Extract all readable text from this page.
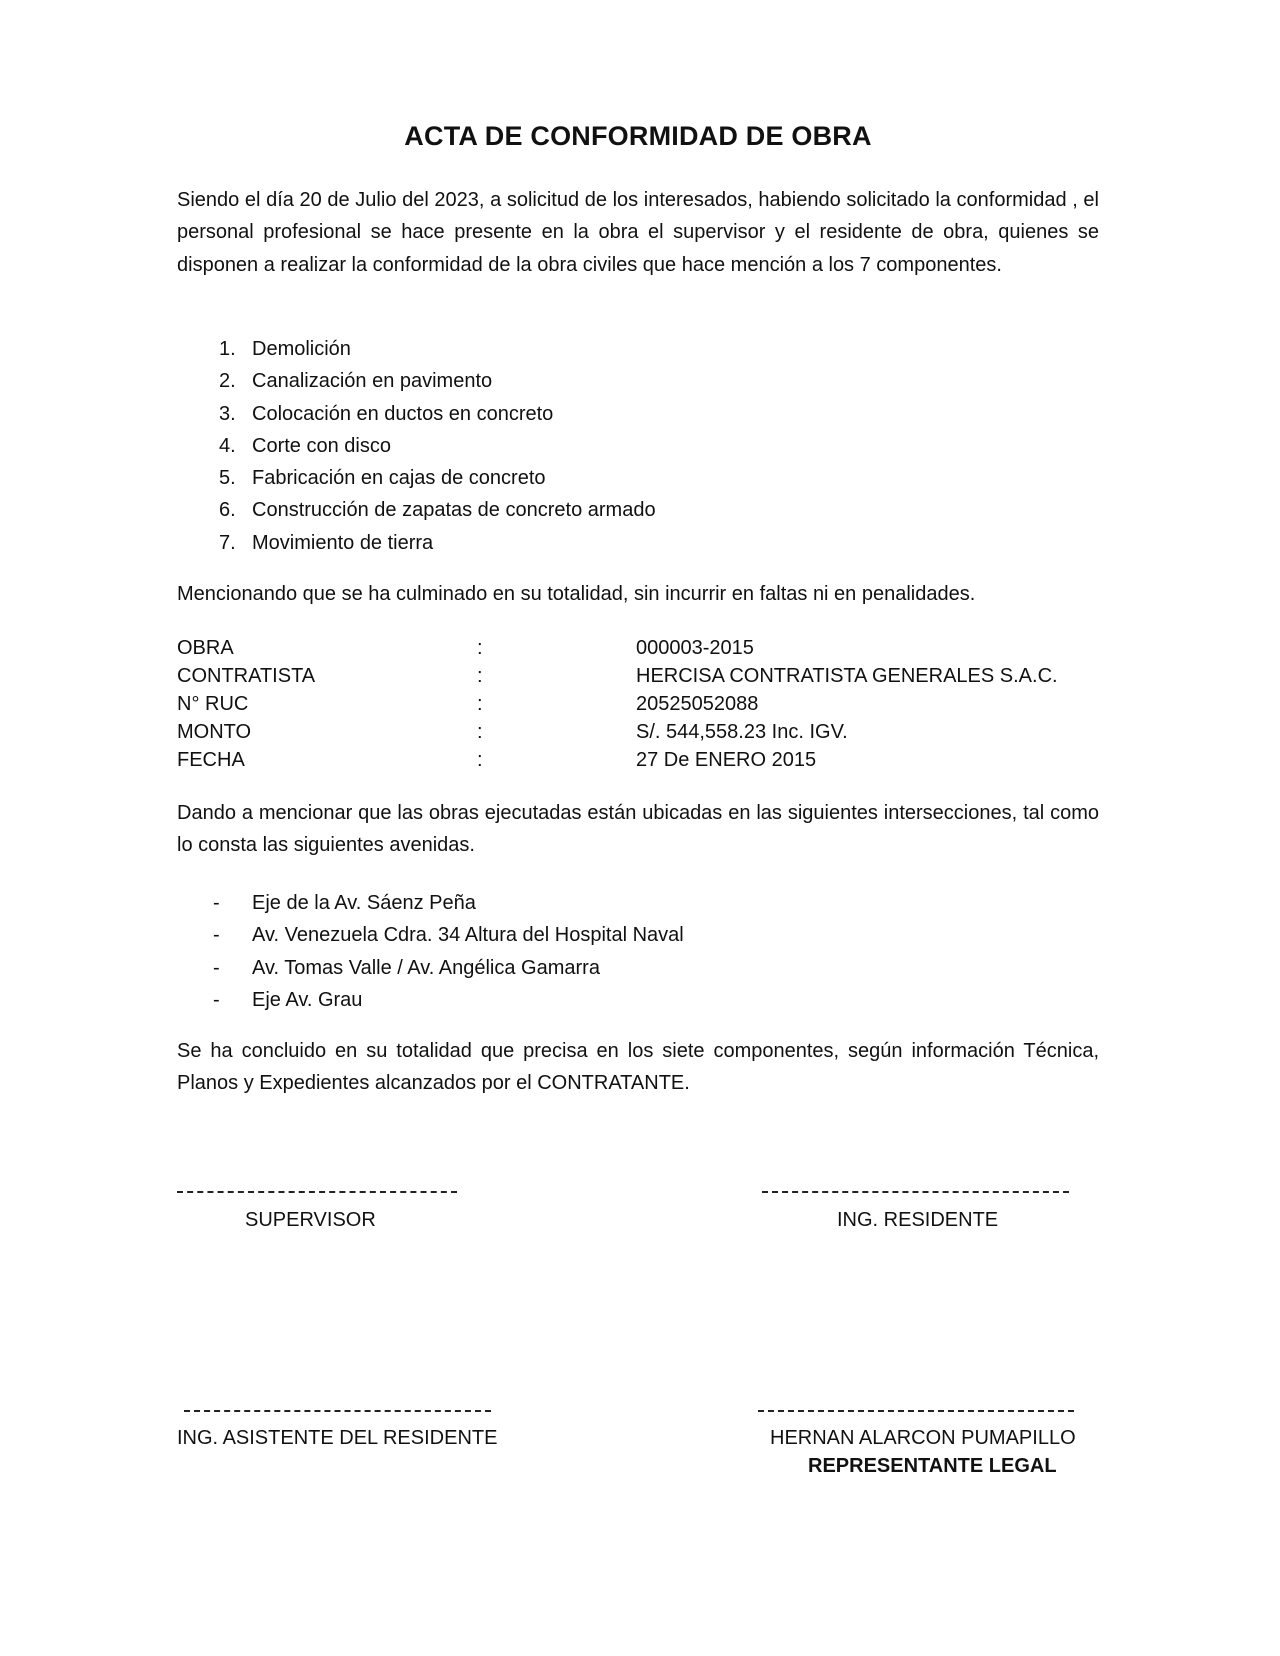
ACTA DE CONFORMIDAD DE OBRA

Siendo el día 20 de Julio del 2023, a solicitud de los interesados, habiendo solicitado la conformidad , el personal profesional se hace presente en la obra el supervisor y el residente de obra, quienes se disponen a realizar la conformidad de la obra civiles que hace mención a los 7 componentes.

1. Demolición
2. Canalización en pavimento
3. Colocación en ductos en concreto
4. Corte con disco
5. Fabricación en cajas de concreto
6. Construcción de zapatas de concreto armado
7. Movimiento de tierra

Mencionando que se ha culminado en su totalidad, sin incurrir en faltas ni en penalidades.

OBRA	:	000003-2015
CONTRATISTA	:	HERCISA CONTRATISTA GENERALES S.A.C.
N° RUC	:	20525052088
MONTO	:	S/. 544,558.23 Inc. IGV.
FECHA	:	27 De ENERO 2015

Dando a mencionar que las obras ejecutadas están ubicadas en las siguientes intersecciones, tal como lo consta las siguientes avenidas.

-	Eje de la Av. Sáenz Peña
-	Av. Venezuela Cdra. 34 Altura del Hospital Naval
-	Av. Tomas Valle / Av. Angélica Gamarra
-	Eje Av. Grau

Se ha concluido en su totalidad que precisa en los siete componentes, según información Técnica, Planos y Expedientes alcanzados por el CONTRATANTE.

SUPERVISOR	ING. RESIDENTE
ING. ASISTENTE DEL RESIDENTE	HERNAN ALARCON PUMAPILLO
REPRESENTANTE LEGAL
